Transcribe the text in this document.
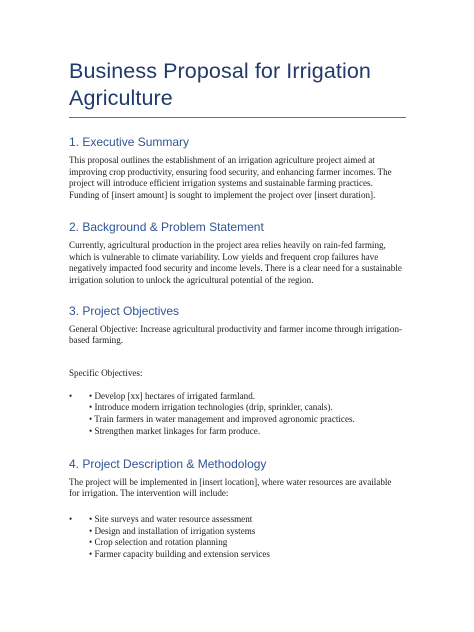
Business Proposal for Irrigation
Agriculture
1. Executive Summary

This proposal outlines the establishment of an irrigation agriculture project aimed at
improving crop productivity, ensuring food security, and enhancing farmer incomes. The
project will introduce efficient irrigation systems and sustainable farming practices.
Funding of [insert amount] is sought to implement the project over [insert duration].

2. Background & Problem Statement

Currently, agricultural production in the project area relies heavily on rain-fed farming,
which is vulnerable to climate variability. Low yields and frequent crop failures have
negatively impacted food security and income levels. There is a clear need for a sustainable
irrigation solution to unlock the agricultural potential of the region.

3. Project Objectives

General Objective: Increase agricultural productivity and farmer income through irrigation-
based farming.

Specific Objectives:

• • Develop [xx] hectares of irrigated farmland.

• Introduce modern irrigation technologies (drip, sprinkler, canals).

• Train farmers in water management and improved agronomic practices.

• Strengthen market linkages for farm produce.

4. Project Description & Methodology

The project will be implemented in [insert location], where water resources are available
for irrigation. The intervention will include:

• • Site surveys and water resource assessment

• Design and installation of irrigation systems

• Crop selection and rotation planning

• Farmer capacity building and extension services
